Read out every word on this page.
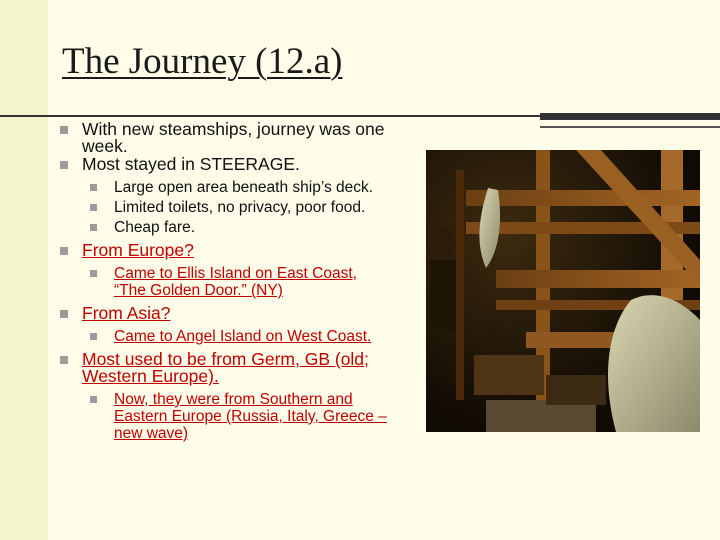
The Journey (12.a)
With new steamships, journey was one week.
Most stayed in STEERAGE.
Large open area beneath ship’s deck.
Limited toilets, no privacy, poor food.
Cheap fare.
From Europe?
Came to Ellis Island on East Coast, “The Golden Door.” (NY)
From Asia?
Came to Angel Island on West Coast.
Most used to be from Germ, GB (old; Western Europe).
Now, they were from Southern and Eastern Europe (Russia, Italy, Greece – new wave)
